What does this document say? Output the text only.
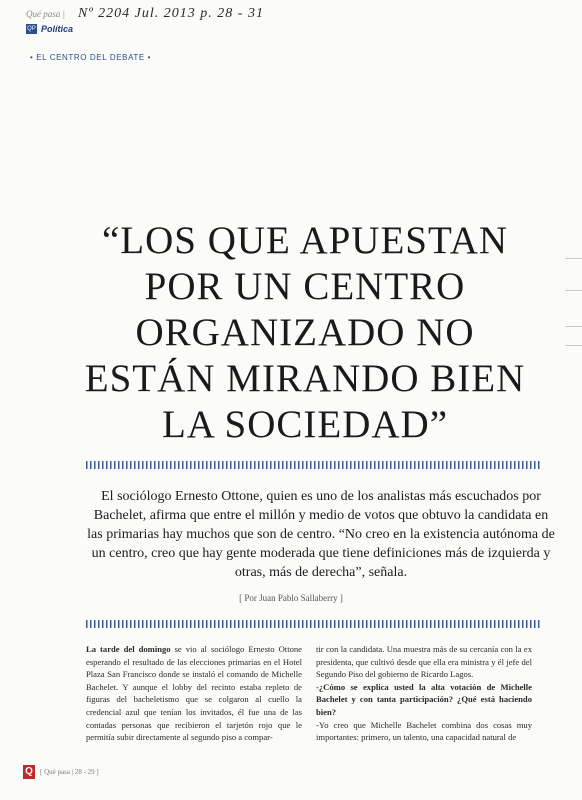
Qué pasa | Nº 2204 Jul. 2013 p. 28 - 31
QP Política
• EL CENTRO DEL DEBATE •
“LOS QUE APUESTAN POR UN CENTRO ORGANIZADO NO ESTÁN MIRANDO BIEN LA SOCIEDAD”

El sociólogo Ernesto Ottone, quien es uno de los analistas más escuchados por Bachelet, afirma que entre el millón y medio de votos que obtuvo la candidata en las primarias hay muchos que son de centro. “No creo en la existencia autónoma de un centro, creo que hay gente moderada que tiene definiciones más de izquierda y otras, más de derecha”, señala.

[ Por Juan Pablo Sallaberry ]

La tarde del domingo se vio al sociólogo Ernesto Ottone esperando el resultado de las elecciones primarias en el Hotel Plaza San Francisco donde se instaló el comando de Michelle Bachelet. Y aunque el lobby del recinto estaba repleto de figuras del bacheletismo que se colgaron al cuello la credencial azul que tenían los invitados, él fue una de las contadas personas que recibieron el tarjetón rojo que le permitía subir directamente al segundo piso a compar-

tir con la candidata. Una muestra más de su cercanía con la ex presidenta, que cultivó desde que ella era ministra y él jefe del Segundo Piso del gobierno de Ricardo Lagos.

-¿Cómo se explica usted la alta votación de Michelle Bachelet y con tanta participación? ¿Qué está haciendo bien?

-Yo creo que Michelle Bachelet combina dos cosas muy importantes: primero, un talento, una capacidad natural de

Q	[ Qué pasa | 28 - 29 ]
